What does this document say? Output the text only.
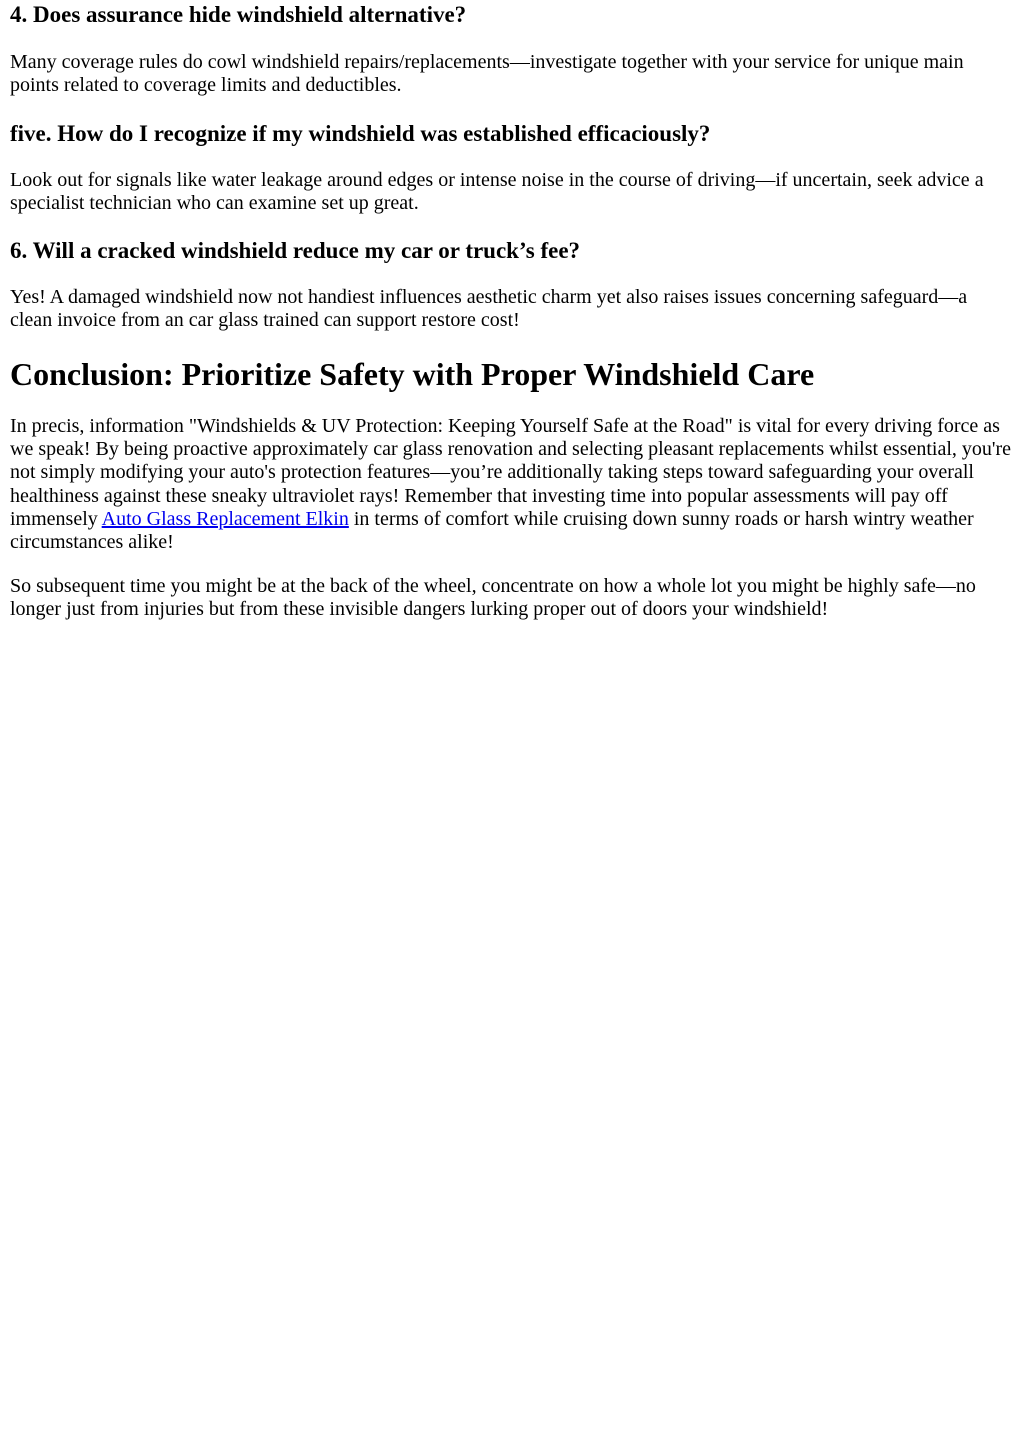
4. Does assurance hide windshield alternative?

Many coverage rules do cowl windshield repairs/replacements—investigate together with your service for unique main points related to coverage limits and deductibles.

five. How do I recognize if my windshield was established efficaciously?

Look out for signals like water leakage around edges or intense noise in the course of driving—if uncertain, seek advice a specialist technician who can examine set up great.

6. Will a cracked windshield reduce my car or truck’s fee?

Yes! A damaged windshield now not handiest influences aesthetic charm yet also raises issues concerning safeguard—a clean invoice from an car glass trained can support restore cost!

Conclusion: Prioritize Safety with Proper Windshield Care

In precis, information "Windshields & UV Protection: Keeping Yourself Safe at the Road" is vital for every driving force as we speak! By being proactive approximately car glass renovation and selecting pleasant replacements whilst essential, you're not simply modifying your auto's protection features—you’re additionally taking steps toward safeguarding your overall healthiness against these sneaky ultraviolet rays! Remember that investing time into popular assessments will pay off immensely Auto Glass Replacement Elkin in terms of comfort while cruising down sunny roads or harsh wintry weather circumstances alike!

So subsequent time you might be at the back of the wheel, concentrate on how a whole lot you might be highly safe—no longer just from injuries but from these invisible dangers lurking proper out of doors your windshield!
